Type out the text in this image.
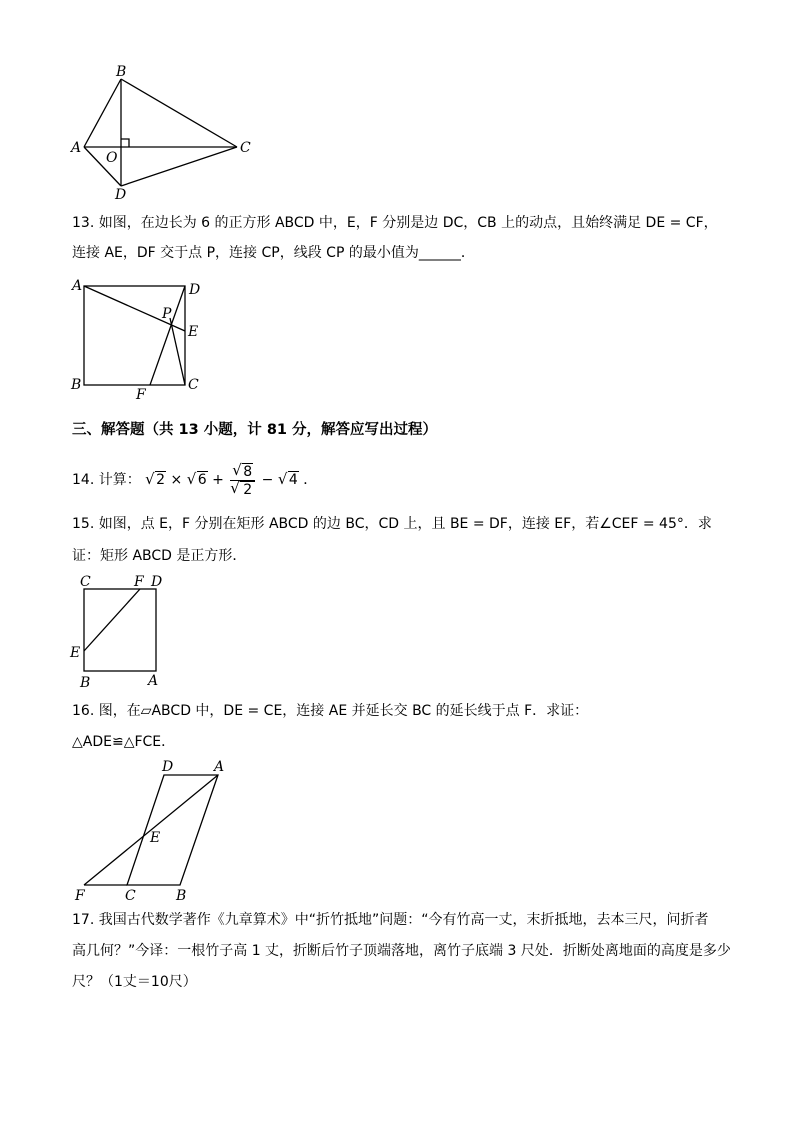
B
A
O
C
D
13. 如图，在边长为 6 的正方形 ABCD 中，E，F 分别是边 DC，CB 上的动点，且始终满足 DE = CF，
连接 AE，DF 交于点 P，连接 CP，线段 CP 的最小值为______．
A	D
P
E
B
F
C
三、解答题（共 13 小题，计 81 分，解答应写出过程）
14. 计算： √ 2 × √ 6 + √ 8
√ 2 − √ 4 ．
15. 如图，点 E，F 分别在矩形 ABCD 的边 BC，CD 上，且 BE = DF，连接 EF，若∠CEF = 45°．求
证：矩形 ABCD 是正方形．
C	F D
E
B	A
16. 图，在▱ABCD 中，DE = CE，连接 AE 并延长交 BC 的延长线于点 F．求证：
△ADE≌△FCE．
D	A
E
F	C	B
17. 我国古代数学著作《九章算术》中“折竹抵地”问题：“今有竹高一丈，末折抵地，去本三尺，问折者
高几何？”今译：一根竹子高 1 丈，折断后竹子顶端落地，离竹子底端 3 尺处．折断处离地面的高度是多少
尺？（1丈＝10尺）
